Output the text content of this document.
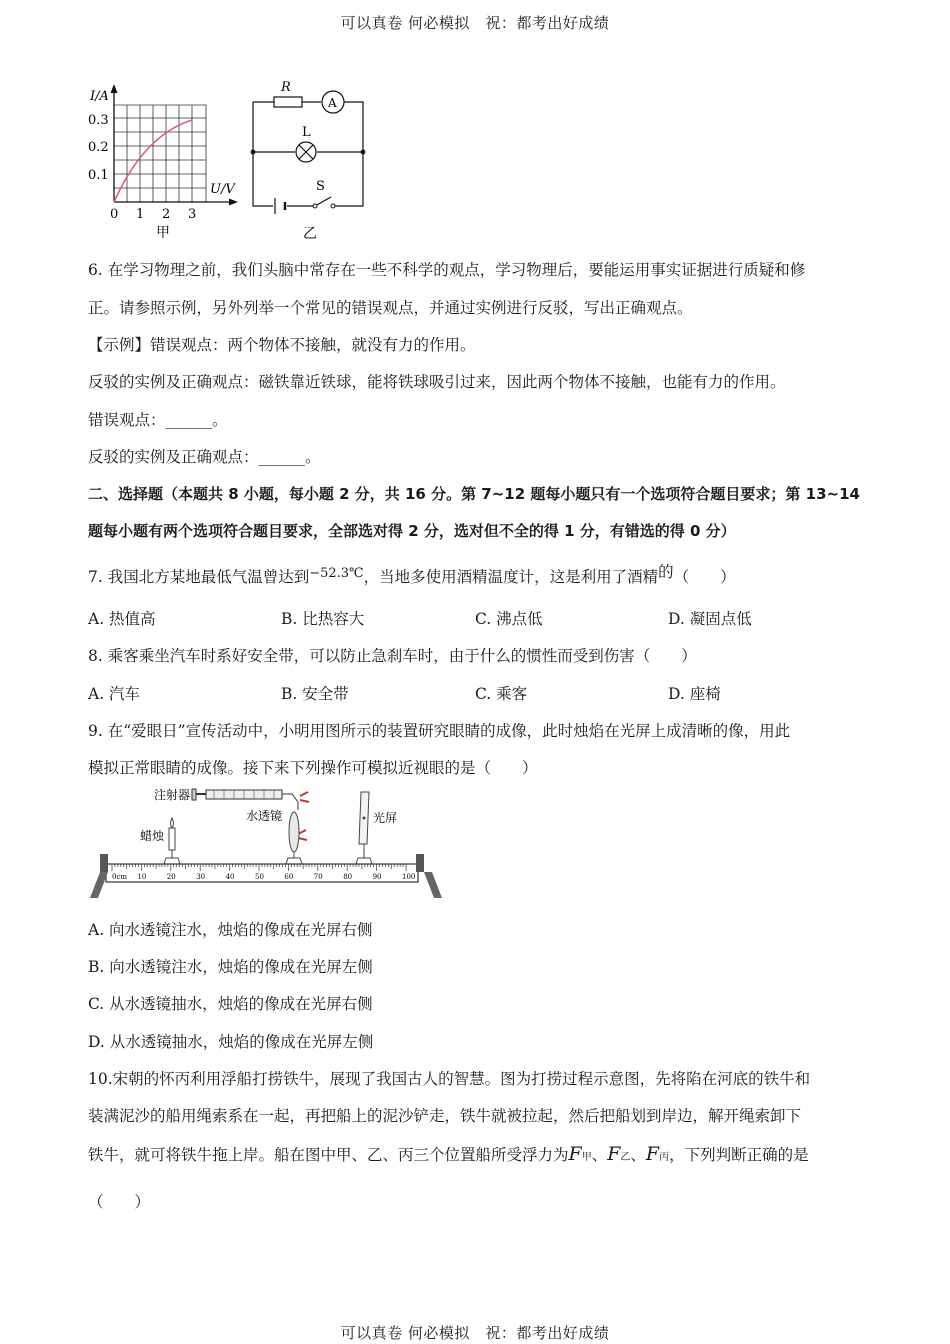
可以真卷 何必模拟　祝：都考出好成绩
I/A
0.3
0.2
0.1
U/V
0 1 2 3
甲
R
A
L
S
乙
6. 在学习物理之前，我们头脑中常存在一些不科学的观点，学习物理后，要能运用事实证据进行质疑和修
正。请参照示例，另外列举一个常见的错误观点，并通过实例进行反驳，写出正确观点。
【示例】错误观点：两个物体不接触，就没有力的作用。
反驳的实例及正确观点：磁铁靠近铁球，能将铁球吸引过来，因此两个物体不接触，也能有力的作用。
错误观点：______。
反驳的实例及正确观点：______。
二、选择题（本题共 8 小题，每小题 2 分，共 16 分。第 7~12 题每小题只有一个选项符合题目要求；第 13~14
题每小题有两个选项符合题目要求，全部选对得 2 分，选对但不全的得 1 分，有错选的得 0 分）
7. 我国北方某地最低气温曾达到$^{-52.3℃}$，当地多使用酒精温度计，这是利用了酒精的（　　）
A. 热值高	B. 比热容大	C. 沸点低	D. 凝固点低
8. 乘客乘坐汽车时系好安全带，可以防止急刹车时，由于什么的惯性而受到伤害（　　）
A. 汽车	B. 安全带	C. 乘客	D. 座椅
9. 在“爱眼日”宣传活动中，小明用图所示的装置研究眼睛的成像，此时烛焰在光屏上成清晰的像，用此
模拟正常眼睛的成像。接下来下列操作可模拟近视眼的是（　　）
注射器
水透镜	光屏
蜡烛
0cm 10	20	30	40	50	60	70	80	90	100
A. 向水透镜注水，烛焰的像成在光屏右侧
B. 向水透镜注水，烛焰的像成在光屏左侧
C. 从水透镜抽水，烛焰的像成在光屏右侧
D. 从水透镜抽水，烛焰的像成在光屏左侧
10.宋朝的怀丙利用浮船打捞铁牛，展现了我国古人的智慧。图为打捞过程示意图，先将陷在河底的铁牛和
装满泥沙的船用绳索系在一起，再把船上的泥沙铲走，铁牛就被拉起，然后把船划到岸边，解开绳索卸下
铁牛，就可将铁牛拖上岸。船在图中甲、乙、丙三个位置船所受浮力为F甲、F乙、F丙，下列判断正确的是
（　　）
可以真卷 何必模拟　祝：都考出好成绩
